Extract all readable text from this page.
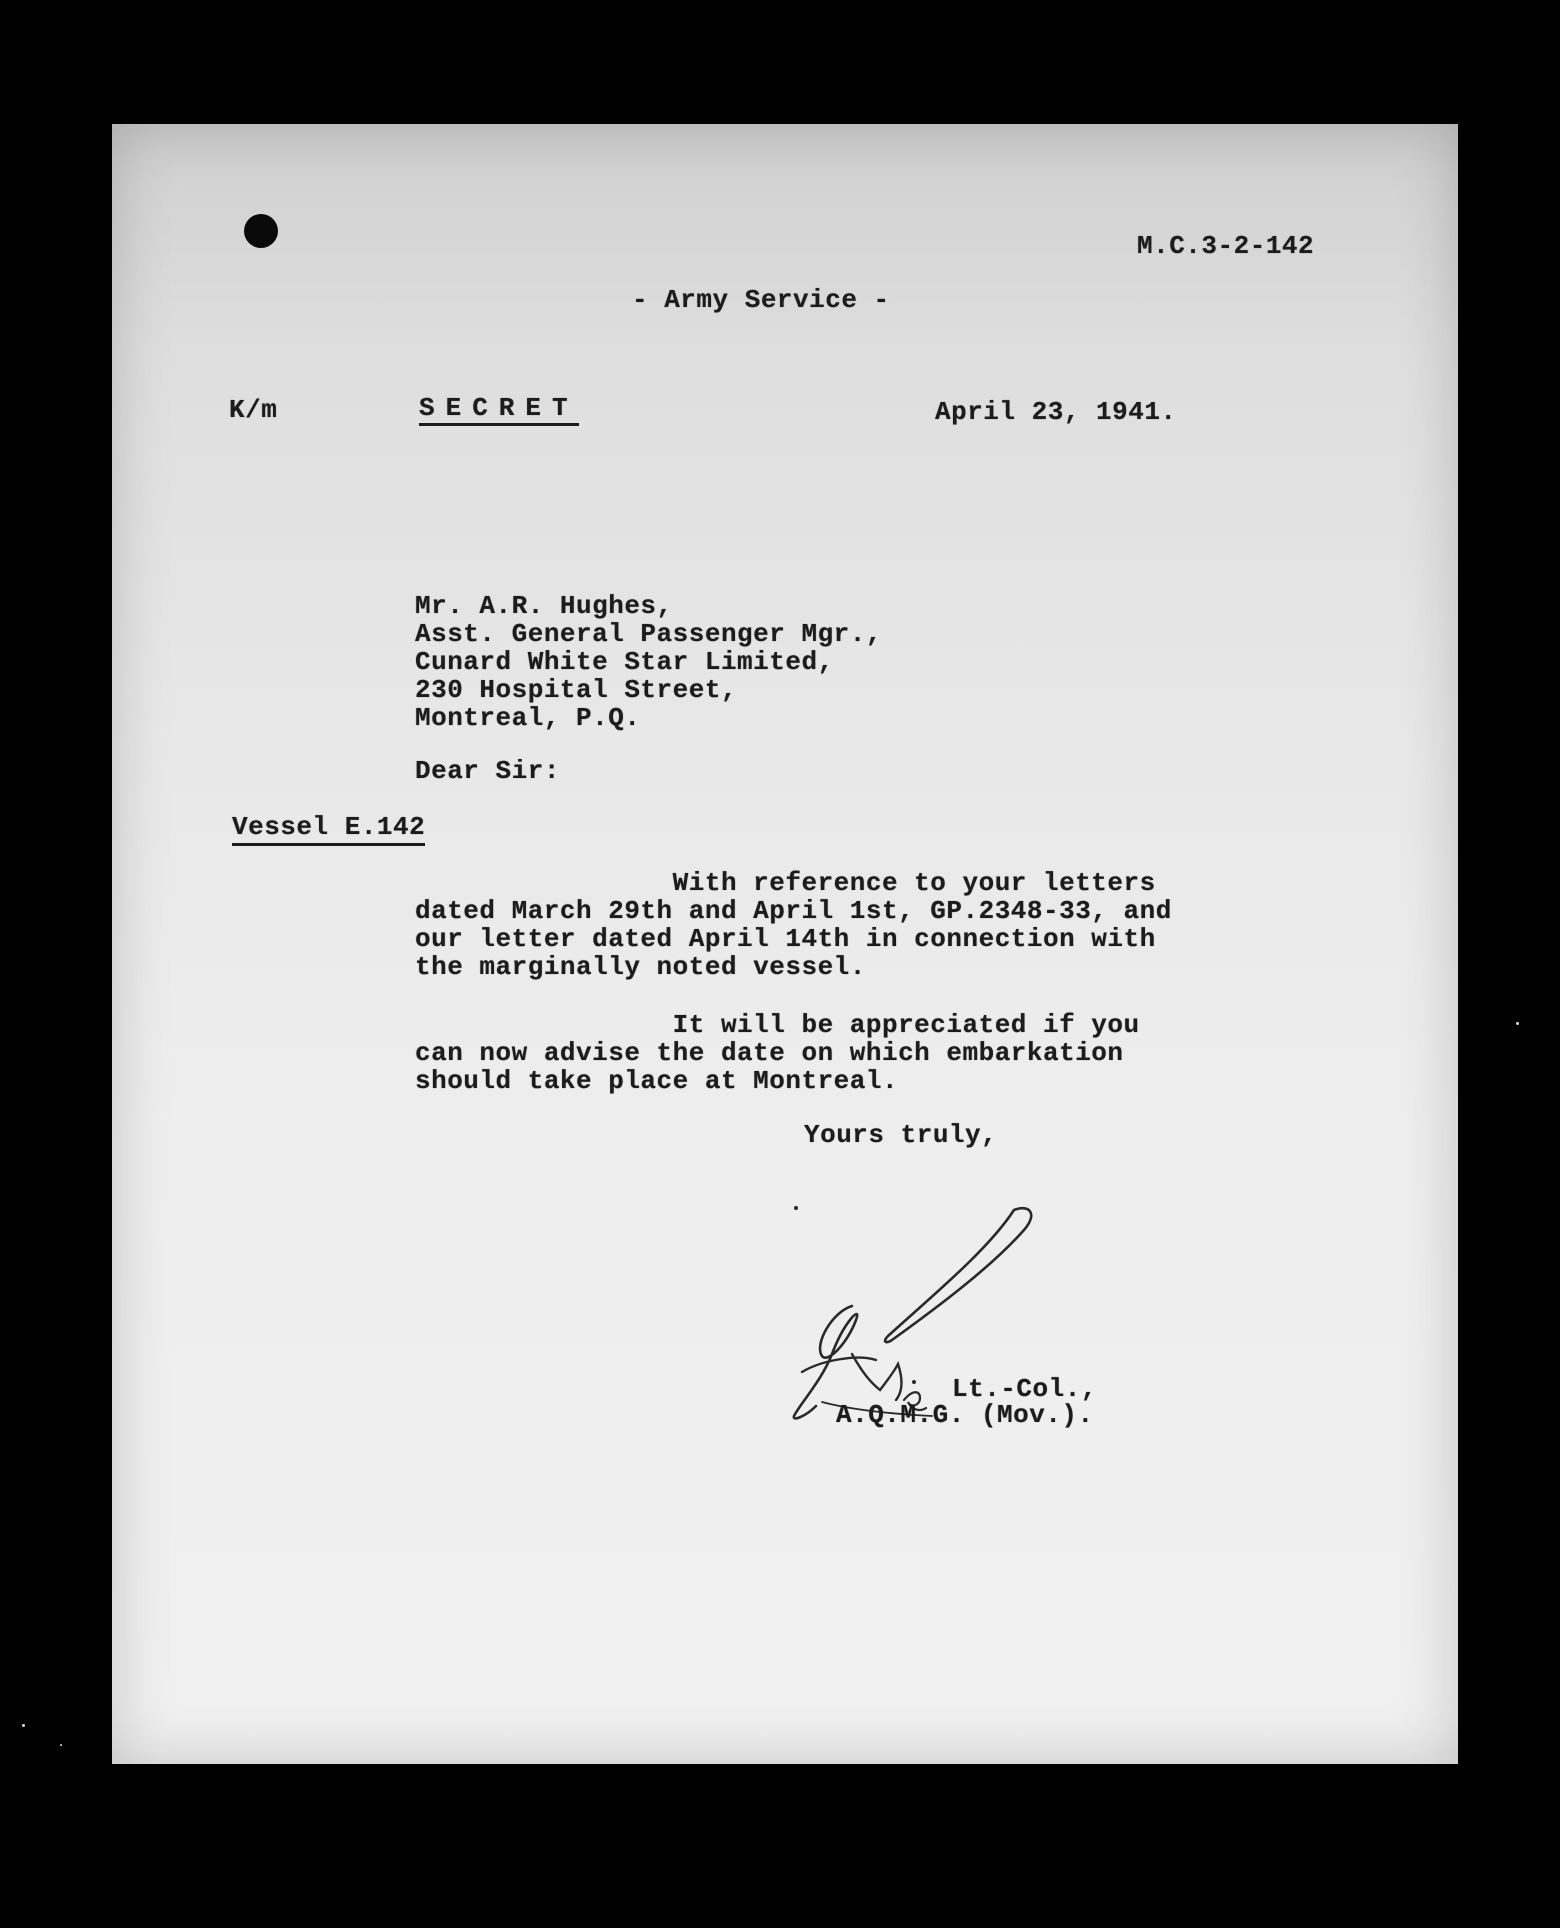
M.C.3-2-142
- Army Service -
K/m	SECRET	April 23, 1941.
Mr. A.R. Hughes,
Asst. General Passenger Mgr.,
Cunard White Star Limited,
230 Hospital Street,
Montreal, P.Q.
Dear Sir:
Vessel E.142
With reference to your letters
dated March 29th and April 1st, GP.2348-33, and
our letter dated April 14th in connection with
the marginally noted vessel.
It will be appreciated if you
can now advise the date on which embarkation
should take place at Montreal.
Yours truly,
Lt.-Col.,
A.Q.M.G. (Mov.).
